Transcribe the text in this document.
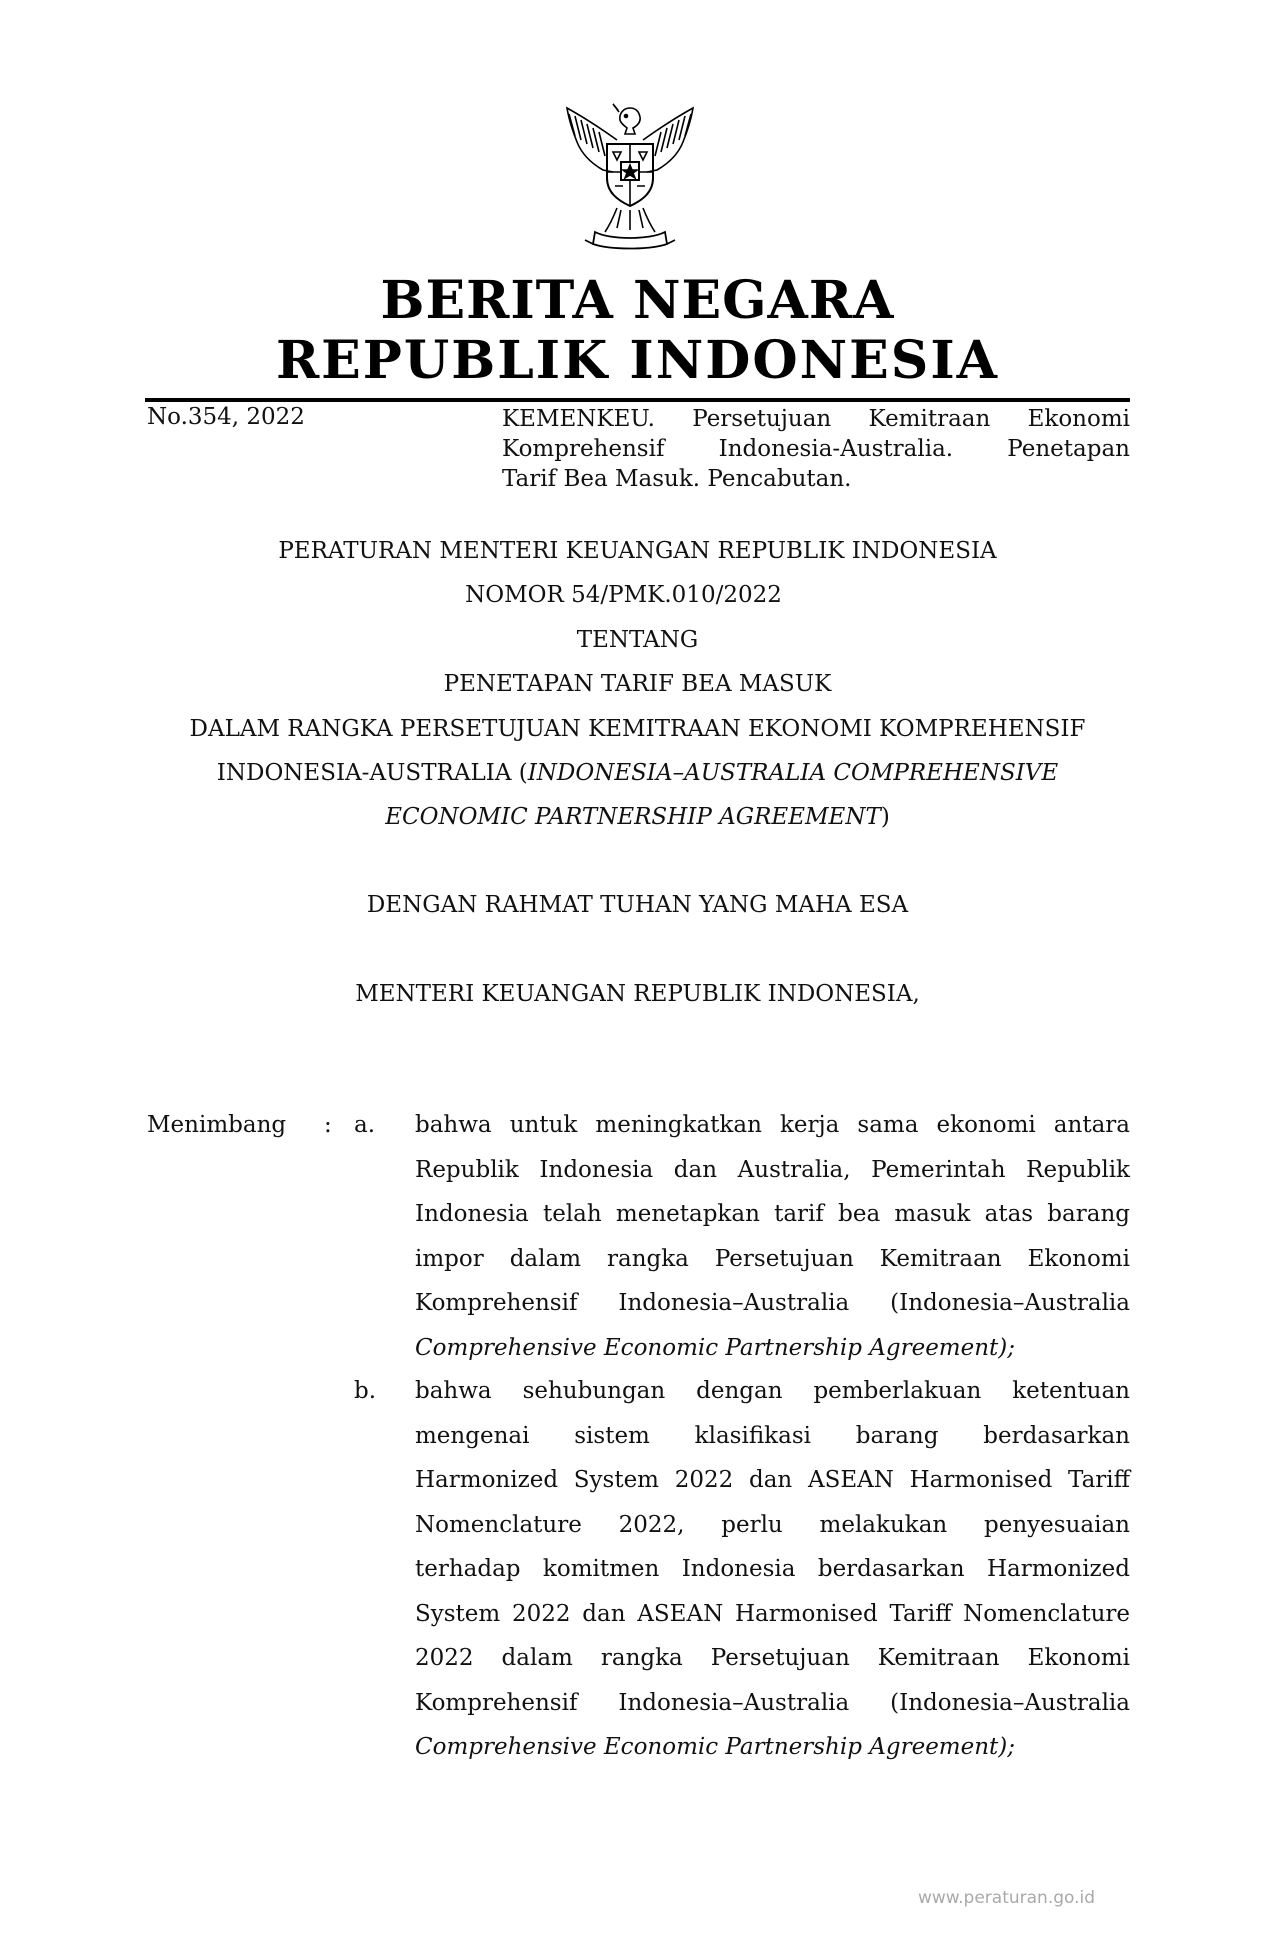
BERITA NEGARA
REPUBLIK INDONESIA
No.354, 2022	KEMENKEU. Persetujuan Kemitraan Ekonomi
Komprehensif Indonesia-Australia. Penetapan
Tarif Bea Masuk. Pencabutan.
PERATURAN MENTERI KEUANGAN REPUBLIK INDONESIA
NOMOR 54/PMK.010/2022
TENTANG
PENETAPAN TARIF BEA MASUK
DALAM RANGKA PERSETUJUAN KEMITRAAN EKONOMI KOMPREHENSIF
INDONESIA-AUSTRALIA (INDONESIA–AUSTRALIA COMPREHENSIVE
ECONOMIC PARTNERSHIP AGREEMENT)
DENGAN RAHMAT TUHAN YANG MAHA ESA
MENTERI KEUANGAN REPUBLIK INDONESIA,
Menimbang : a. bahwa untuk meningkatkan kerja sama ekonomi antara
Republik Indonesia dan Australia, Pemerintah Republik
Indonesia telah menetapkan tarif bea masuk atas barang
impor dalam rangka Persetujuan Kemitraan Ekonomi
Komprehensif Indonesia–Australia (Indonesia–Australia
Comprehensive Economic Partnership Agreement);
b. bahwa sehubungan dengan pemberlakuan ketentuan
mengenai sistem klasifikasi barang berdasarkan
Harmonized System 2022 dan ASEAN Harmonised Tariff
Nomenclature 2022, perlu melakukan penyesuaian
terhadap komitmen Indonesia berdasarkan Harmonized
System 2022 dan ASEAN Harmonised Tariff Nomenclature
2022 dalam rangka Persetujuan Kemitraan Ekonomi
Komprehensif Indonesia–Australia (Indonesia–Australia
Comprehensive Economic Partnership Agreement);
www.peraturan.go.id
